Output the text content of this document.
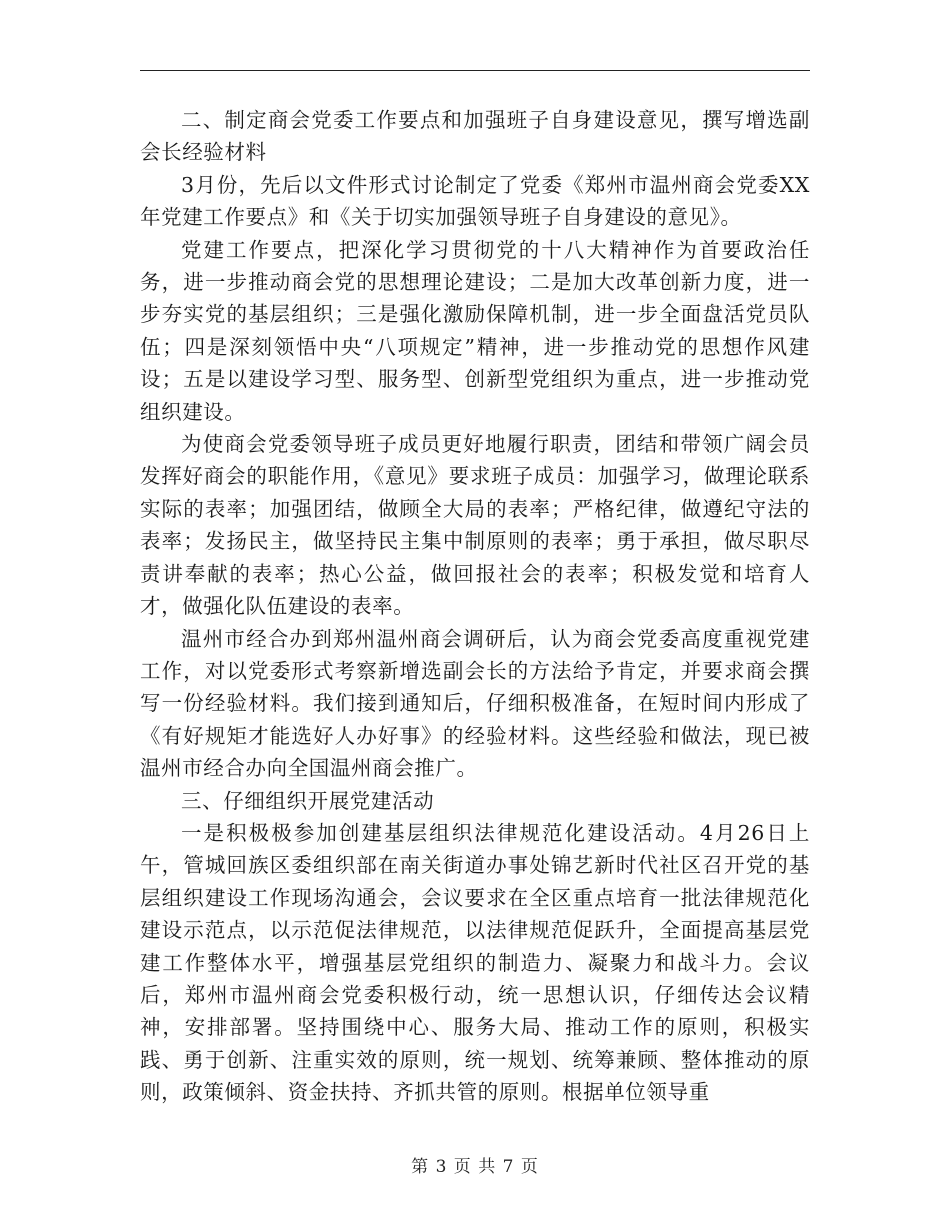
二、制定商会党委工作要点和加强班子自身建设意见，撰写增选副会长经验材料

3月份，先后以文件形式讨论制定了党委《郑州市温州商会党委XX年党建工作要点》和《关于切实加强领导班子自身建设的意见》。

党建工作要点，把深化学习贯彻党的十八大精神作为首要政治任务，进一步推动商会党的思想理论建设；二是加大改革创新力度，进一步夯实党的基层组织；三是强化激励保障机制，进一步全面盘活党员队伍；四是深刻领悟中央“八项规定”精神，进一步推动党的思想作风建设；五是以建设学习型、服务型、创新型党组织为重点，进一步推动党组织建设。

为使商会党委领导班子成员更好地履行职责，团结和带领广阔会员发挥好商会的职能作用，《意见》要求班子成员：加强学习，做理论联系实际的表率；加强团结，做顾全大局的表率；严格纪律，做遵纪守法的表率；发扬民主，做坚持民主集中制原则的表率；勇于承担，做尽职尽责讲奉献的表率；热心公益，做回报社会的表率；积极发觉和培育人才，做强化队伍建设的表率。

温州市经合办到郑州温州商会调研后，认为商会党委高度重视党建工作，对以党委形式考察新增选副会长的方法给予肯定，并要求商会撰写一份经验材料。我们接到通知后，仔细积极准备，在短时间内形成了《有好规矩才能选好人办好事》的经验材料。这些经验和做法，现已被温州市经合办向全国温州商会推广。

三、仔细组织开展党建活动

一是积极极参加创建基层组织法律规范化建设活动。4月26日上午，管城回族区委组织部在南关街道办事处锦艺新时代社区召开党的基层组织建设工作现场沟通会，会议要求在全区重点培育一批法律规范化建设示范点，以示范促法律规范，以法律规范促跃升，全面提高基层党建工作整体水平，增强基层党组织的制造力、凝聚力和战斗力。会议后，郑州市温州商会党委积极行动，统一思想认识，仔细传达会议精神，安排部署。坚持围绕中心、服务大局、推动工作的原则，积极实践、勇于创新、注重实效的原则，统一规划、统筹兼顾、整体推动的原则，政策倾斜、资金扶持、齐抓共管的原则。根据单位领导重

第 3 页 共 7 页
